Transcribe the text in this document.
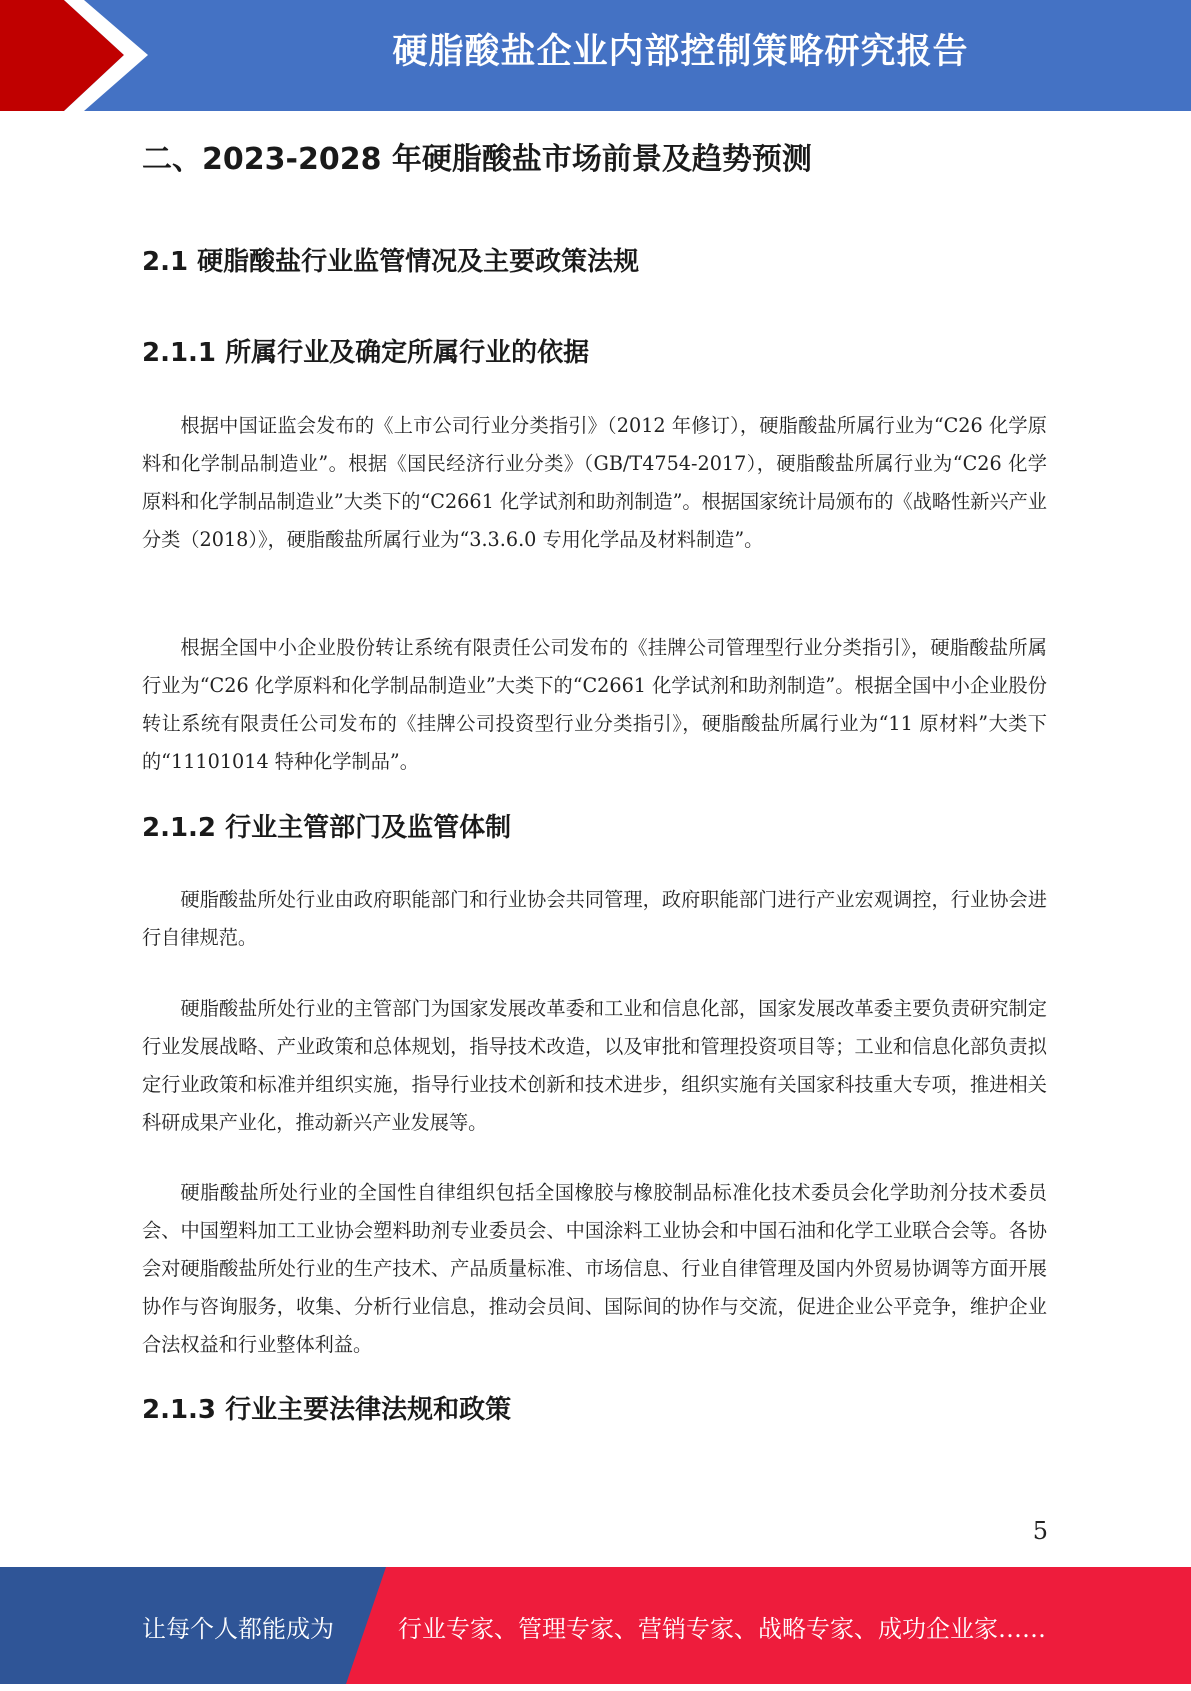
硬脂酸盐企业内部控制策略研究报告
二、2023-2028 年硬脂酸盐市场前景及趋势预测
2.1 硬脂酸盐行业监管情况及主要政策法规
2.1.1 所属行业及确定所属行业的依据

根据中国证监会发布的《上市公司行业分类指引》（2012 年修订），硬脂酸盐所属行业为“C26 化学原料和化学制品制造业”。根据《国民经济行业分类》（GB/T4754-2017），硬脂酸盐所属行业为“C26 化学原料和化学制品制造业”大类下的“C2661 化学试剂和助剂制造”。根据国家统计局颁布的《战略性新兴产业分类（2018）》，硬脂酸盐所属行业为“3.3.6.0 专用化学品及材料制造”。

根据全国中小企业股份转让系统有限责任公司发布的《挂牌公司管理型行业分类指引》，硬脂酸盐所属行业为“C26 化学原料和化学制品制造业”大类下的“C2661 化学试剂和助剂制造”。根据全国中小企业股份转让系统有限责任公司发布的《挂牌公司投资型行业分类指引》，硬脂酸盐所属行业为“11 原材料”大类下的“11101014 特种化学制品”。

2.1.2 行业主管部门及监管体制

硬脂酸盐所处行业由政府职能部门和行业协会共同管理，政府职能部门进行产业宏观调控，行业协会进行自律规范。

硬脂酸盐所处行业的主管部门为国家发展改革委和工业和信息化部，国家发展改革委主要负责研究制定行业发展战略、产业政策和总体规划，指导技术改造，以及审批和管理投资项目等；工业和信息化部负责拟定行业政策和标准并组织实施，指导行业技术创新和技术进步，组织实施有关国家科技重大专项，推进相关科研成果产业化，推动新兴产业发展等。

硬脂酸盐所处行业的全国性自律组织包括全国橡胶与橡胶制品标准化技术委员会化学助剂分技术委员会、中国塑料加工工业协会塑料助剂专业委员会、中国涂料工业协会和中国石油和化学工业联合会等。各协会对硬脂酸盐所处行业的生产技术、产品质量标准、市场信息、行业自律管理及国内外贸易协调等方面开展协作与咨询服务，收集、分析行业信息，推动会员间、国际间的协作与交流，促进企业公平竞争，维护企业合法权益和行业整体利益。

2.1.3 行业主要法律法规和政策
5
让每个人都能成为	行业专家、管理专家、营销专家、战略专家、成功企业家……
